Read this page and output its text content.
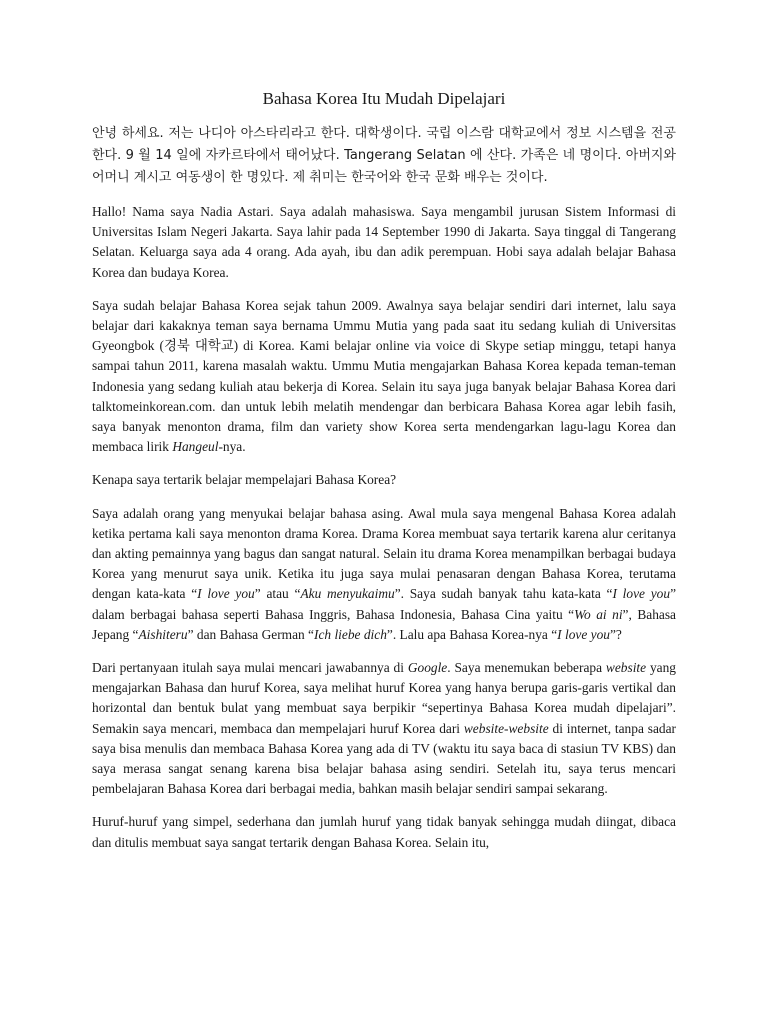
Bahasa Korea Itu Mudah Dipelajari

안녕 하세요. 저는 나디아 아스타리라고 한다. 대학생이다. 국립 이스람 대학교에서 정보 시스템을 전공한다. 9 월 14 일에 자카르타에서 태어났다. Tangerang Selatan 에 산다. 가족은 네 명이다. 아버지와 어머니 계시고 여동생이 한 명있다. 제 취미는 한국어와 한국 문화 배우는 것이다.

Hallo! Nama saya Nadia Astari. Saya adalah mahasiswa. Saya mengambil jurusan Sistem Informasi di Universitas Islam Negeri Jakarta. Saya lahir pada 14 September 1990 di Jakarta. Saya tinggal di Tangerang Selatan. Keluarga saya ada 4 orang. Ada ayah, ibu dan adik perempuan. Hobi saya adalah belajar Bahasa Korea dan budaya Korea.

Saya sudah belajar Bahasa Korea sejak tahun 2009. Awalnya saya belajar sendiri dari internet, lalu saya belajar dari kakaknya teman saya bernama Ummu Mutia yang pada saat itu sedang kuliah di Universitas Gyeongbok (경북 대학교) di Korea. Kami belajar online via voice di Skype setiap minggu, tetapi hanya sampai tahun 2011, karena masalah waktu. Ummu Mutia mengajarkan Bahasa Korea kepada teman-teman Indonesia yang sedang kuliah atau bekerja di Korea. Selain itu saya juga banyak belajar Bahasa Korea dari talktomeinkorean.com. dan untuk lebih melatih mendengar dan berbicara Bahasa Korea agar lebih fasih, saya banyak menonton drama, film dan variety show Korea serta mendengarkan lagu-lagu Korea dan membaca lirik Hangeul-nya.

Kenapa saya tertarik belajar mempelajari Bahasa Korea?

Saya adalah orang yang menyukai belajar bahasa asing. Awal mula saya mengenal Bahasa Korea adalah ketika pertama kali saya menonton drama Korea. Drama Korea membuat saya tertarik karena alur ceritanya dan akting pemainnya yang bagus dan sangat natural. Selain itu drama Korea menampilkan berbagai budaya Korea yang menurut saya unik. Ketika itu juga saya mulai penasaran dengan Bahasa Korea, terutama dengan kata-kata “I love you” atau “Aku menyukaimu”. Saya sudah banyak tahu kata-kata “I love you” dalam berbagai bahasa seperti Bahasa Inggris, Bahasa Indonesia, Bahasa Cina yaitu “Wo ai ni”, Bahasa Jepang “Aishiteru” dan Bahasa German “Ich liebe dich”. Lalu apa Bahasa Korea-nya “I love you”?

Dari pertanyaan itulah saya mulai mencari jawabannya di Google. Saya menemukan beberapa website yang mengajarkan Bahasa dan huruf Korea, saya melihat huruf Korea yang hanya berupa garis-garis vertikal dan horizontal dan bentuk bulat yang membuat saya berpikir “sepertinya Bahasa Korea mudah dipelajari”. Semakin saya mencari, membaca dan mempelajari huruf Korea dari website-website di internet, tanpa sadar saya bisa menulis dan membaca Bahasa Korea yang ada di TV (waktu itu saya baca di stasiun TV KBS) dan saya merasa sangat senang karena bisa belajar bahasa asing sendiri. Setelah itu, saya terus mencari pembelajaran Bahasa Korea dari berbagai media, bahkan masih belajar sendiri sampai sekarang.

Huruf-huruf yang simpel, sederhana dan jumlah huruf yang tidak banyak sehingga mudah diingat, dibaca dan ditulis membuat saya sangat tertarik dengan Bahasa Korea. Selain itu,
